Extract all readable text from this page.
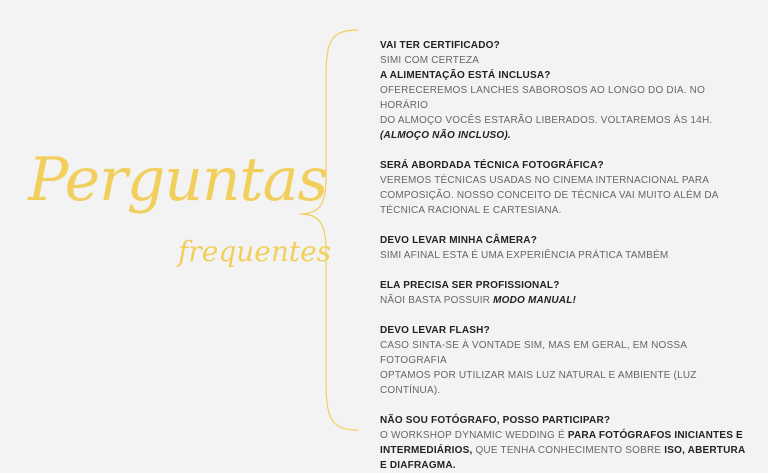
Perguntas
frequentes
VAI TER CERTIFICADO?
SIMI COM CERTEZA
A ALIMENTAÇÃO ESTÁ INCLUSA?
OFERECEREMOS LANCHES SABOROSOS AO LONGO DO DIA. NO HORÁRIO
DO ALMOÇO VOCÊS ESTARÃO LIBERADOS. VOLTAREMOS ÀS 14H.
(ALMOÇO NÃO INCLUSO).
SERÁ ABORDADA TÉCNICA FOTOGRÁFICA?
VEREMOS TÉCNICAS USADAS NO CINEMA INTERNACIONAL PARA
COMPOSIÇÃO. NOSSO CONCEITO DE TÉCNICA VAI MUITO ALÉM DA
TÉCNICA RACIONAL E CARTESIANA.
DEVO LEVAR MINHA CÂMERA?
SIMI AFINAL ESTA É UMA EXPERIÊNCIA PRÁTICA TAMBÉM
ELA PRECISA SER PROFISSIONAL?
NÃOI BASTA POSSUIR MODO MANUAL!
DEVO LEVAR FLASH?
CASO SINTA-SE À VONTADE SIM, MAS EM GERAL, EM NOSSA FOTOGRAFIA
OPTAMOS POR UTILIZAR MAIS LUZ NATURAL E AMBIENTE (LUZ CONTÍNUA).
NÃO SOU FOTÓGRAFO, POSSO PARTICIPAR?
O WORKSHOP DYNAMIC WEDDING É PARA FOTÓGRAFOS INICIANTES E INTERMEDIÁRIOS, QUE TENHA CONHECIMENTO SOBRE ISO, ABERTURA E DIAFRAGMA.
